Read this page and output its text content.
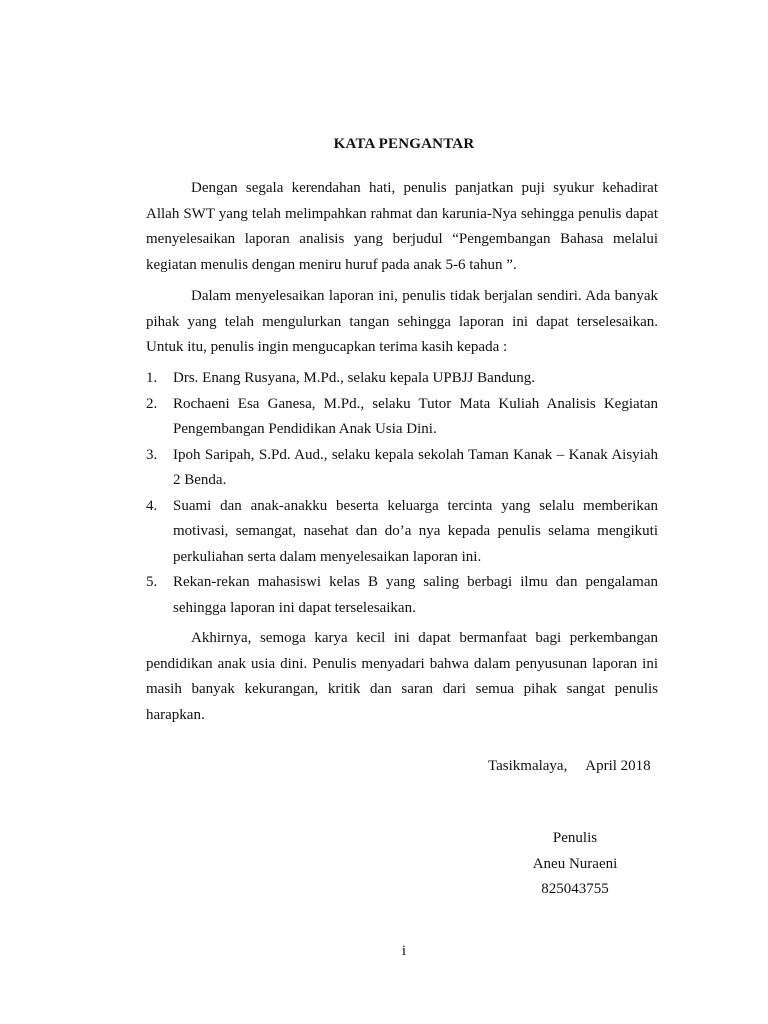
KATA PENGANTAR

Dengan segala kerendahan hati, penulis panjatkan puji syukur kehadirat Allah SWT yang telah melimpahkan rahmat dan karunia-Nya sehingga penulis dapat menyelesaikan laporan analisis yang berjudul “Pengembangan Bahasa melalui kegiatan menulis dengan meniru huruf pada anak 5-6 tahun ”.

Dalam menyelesaikan laporan ini, penulis tidak berjalan sendiri. Ada banyak pihak yang telah mengulurkan tangan sehingga laporan ini dapat terselesaikan. Untuk itu, penulis ingin mengucapkan terima kasih kepada :

1. Drs. Enang Rusyana, M.Pd., selaku kepala UPBJJ Bandung.
2. Rochaeni Esa Ganesa, M.Pd., selaku Tutor Mata Kuliah Analisis Kegiatan Pengembangan Pendidikan Anak Usia Dini.
3. Ipoh Saripah, S.Pd. Aud., selaku kepala sekolah Taman Kanak – Kanak Aisyiah 2 Benda.
4. Suami dan anak-anakku beserta keluarga tercinta yang selalu memberikan motivasi, semangat, nasehat dan do’a nya kepada penulis selama mengikuti perkuliahan serta dalam menyelesaikan laporan ini.
5. Rekan-rekan mahasiswi kelas B yang saling berbagi ilmu dan pengalaman sehingga laporan ini dapat terselesaikan.

Akhirnya, semoga karya kecil ini dapat bermanfaat bagi perkembangan pendidikan anak usia dini. Penulis menyadari bahwa dalam penyusunan laporan ini masih banyak kekurangan, kritik dan saran dari semua pihak sangat penulis harapkan.

Tasikmalaya,     April 2018
Penulis
Aneu Nuraeni
825043755
i
